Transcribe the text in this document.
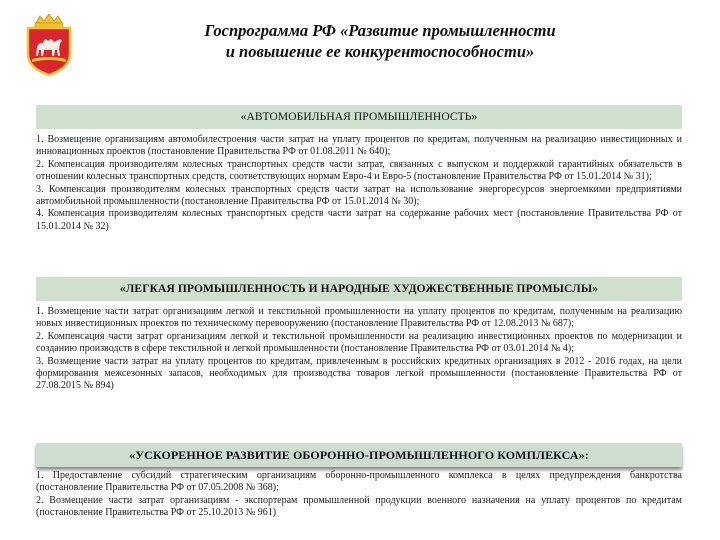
Госпрограмма РФ «Развитие промышленности
и повышение ее конкурентоспособности»
«АВТОМОБИЛЬНАЯ ПРОМЫШЛЕННОСТЬ»

1. Возмещение организациям автомобилестроения части затрат на уплату процентов по кредитам, полученным на реализацию инвестиционных и инновационных проектов (постановление Правительства РФ от 01.08.2011 № 640);

2. Компенсация производителям колесных транспортных средств части затрат, связанных с выпуском и поддержкой гарантийных обязательств в отношении колесных транспортных средств, соответствующих нормам Евро-4 и Евро-5 (постановление Правительства РФ от 15.01.2014 № 31);

3. Компенсация производителям колесных транспортных средств части затрат на использование энергоресурсов энергоемкими предприятиями автомобильной промышленности (постановление Правительства РФ от 15.01.2014 № 30);

4. Компенсация производителям колесных транспортных средств части затрат на содержание рабочих мест (постановление Правительства РФ от 15.01.2014 № 32)

«ЛЕГКАЯ ПРОМЫШЛЕННОСТЬ И НАРОДНЫЕ ХУДОЖЕСТВЕННЫЕ ПРОМЫСЛЫ»

1. Возмещение части затрат организациям легкой и текстильной промышленности на уплату процентов по кредитам, полученным на реализацию новых инвестиционных проектов по техническому перевооружению (постановление Правительства РФ от 12.08.2013 № 687);

2. Компенсация части затрат организациям легкой и текстильной промышленности на реализацию инвестиционных проектов по модернизации и созданию производств в сфере текстильной и легкой промышленности (постановление Правительства РФ от 03.01.2014 № 4);

3. Возмещение части затрат на уплату процентов по кредитам, привлеченным в российских кредитных организациях в 2012 - 2016 годах, на цели формирования межсезонных запасов, необходимых для производства товаров легкой промышленности (постановление Правительства РФ от 27.08.2015 № 894)

«УСКОРЕННОЕ РАЗВИТИЕ ОБОРОННО-ПРОМЫШЛЕННОГО КОМПЛЕКСА»:

1. Предоставление субсидий стратегическим организациям оборонно-промышленного комплекса в целях предупреждения банкротства (постановление Правительства РФ от 07.05.2008 № 368);

2. Возмещение части затрат организациям - экспортерам промышленной продукции военного назначения на уплату процентов по кредитам (постановление Правительства РФ от 25.10.2013 № 961)
